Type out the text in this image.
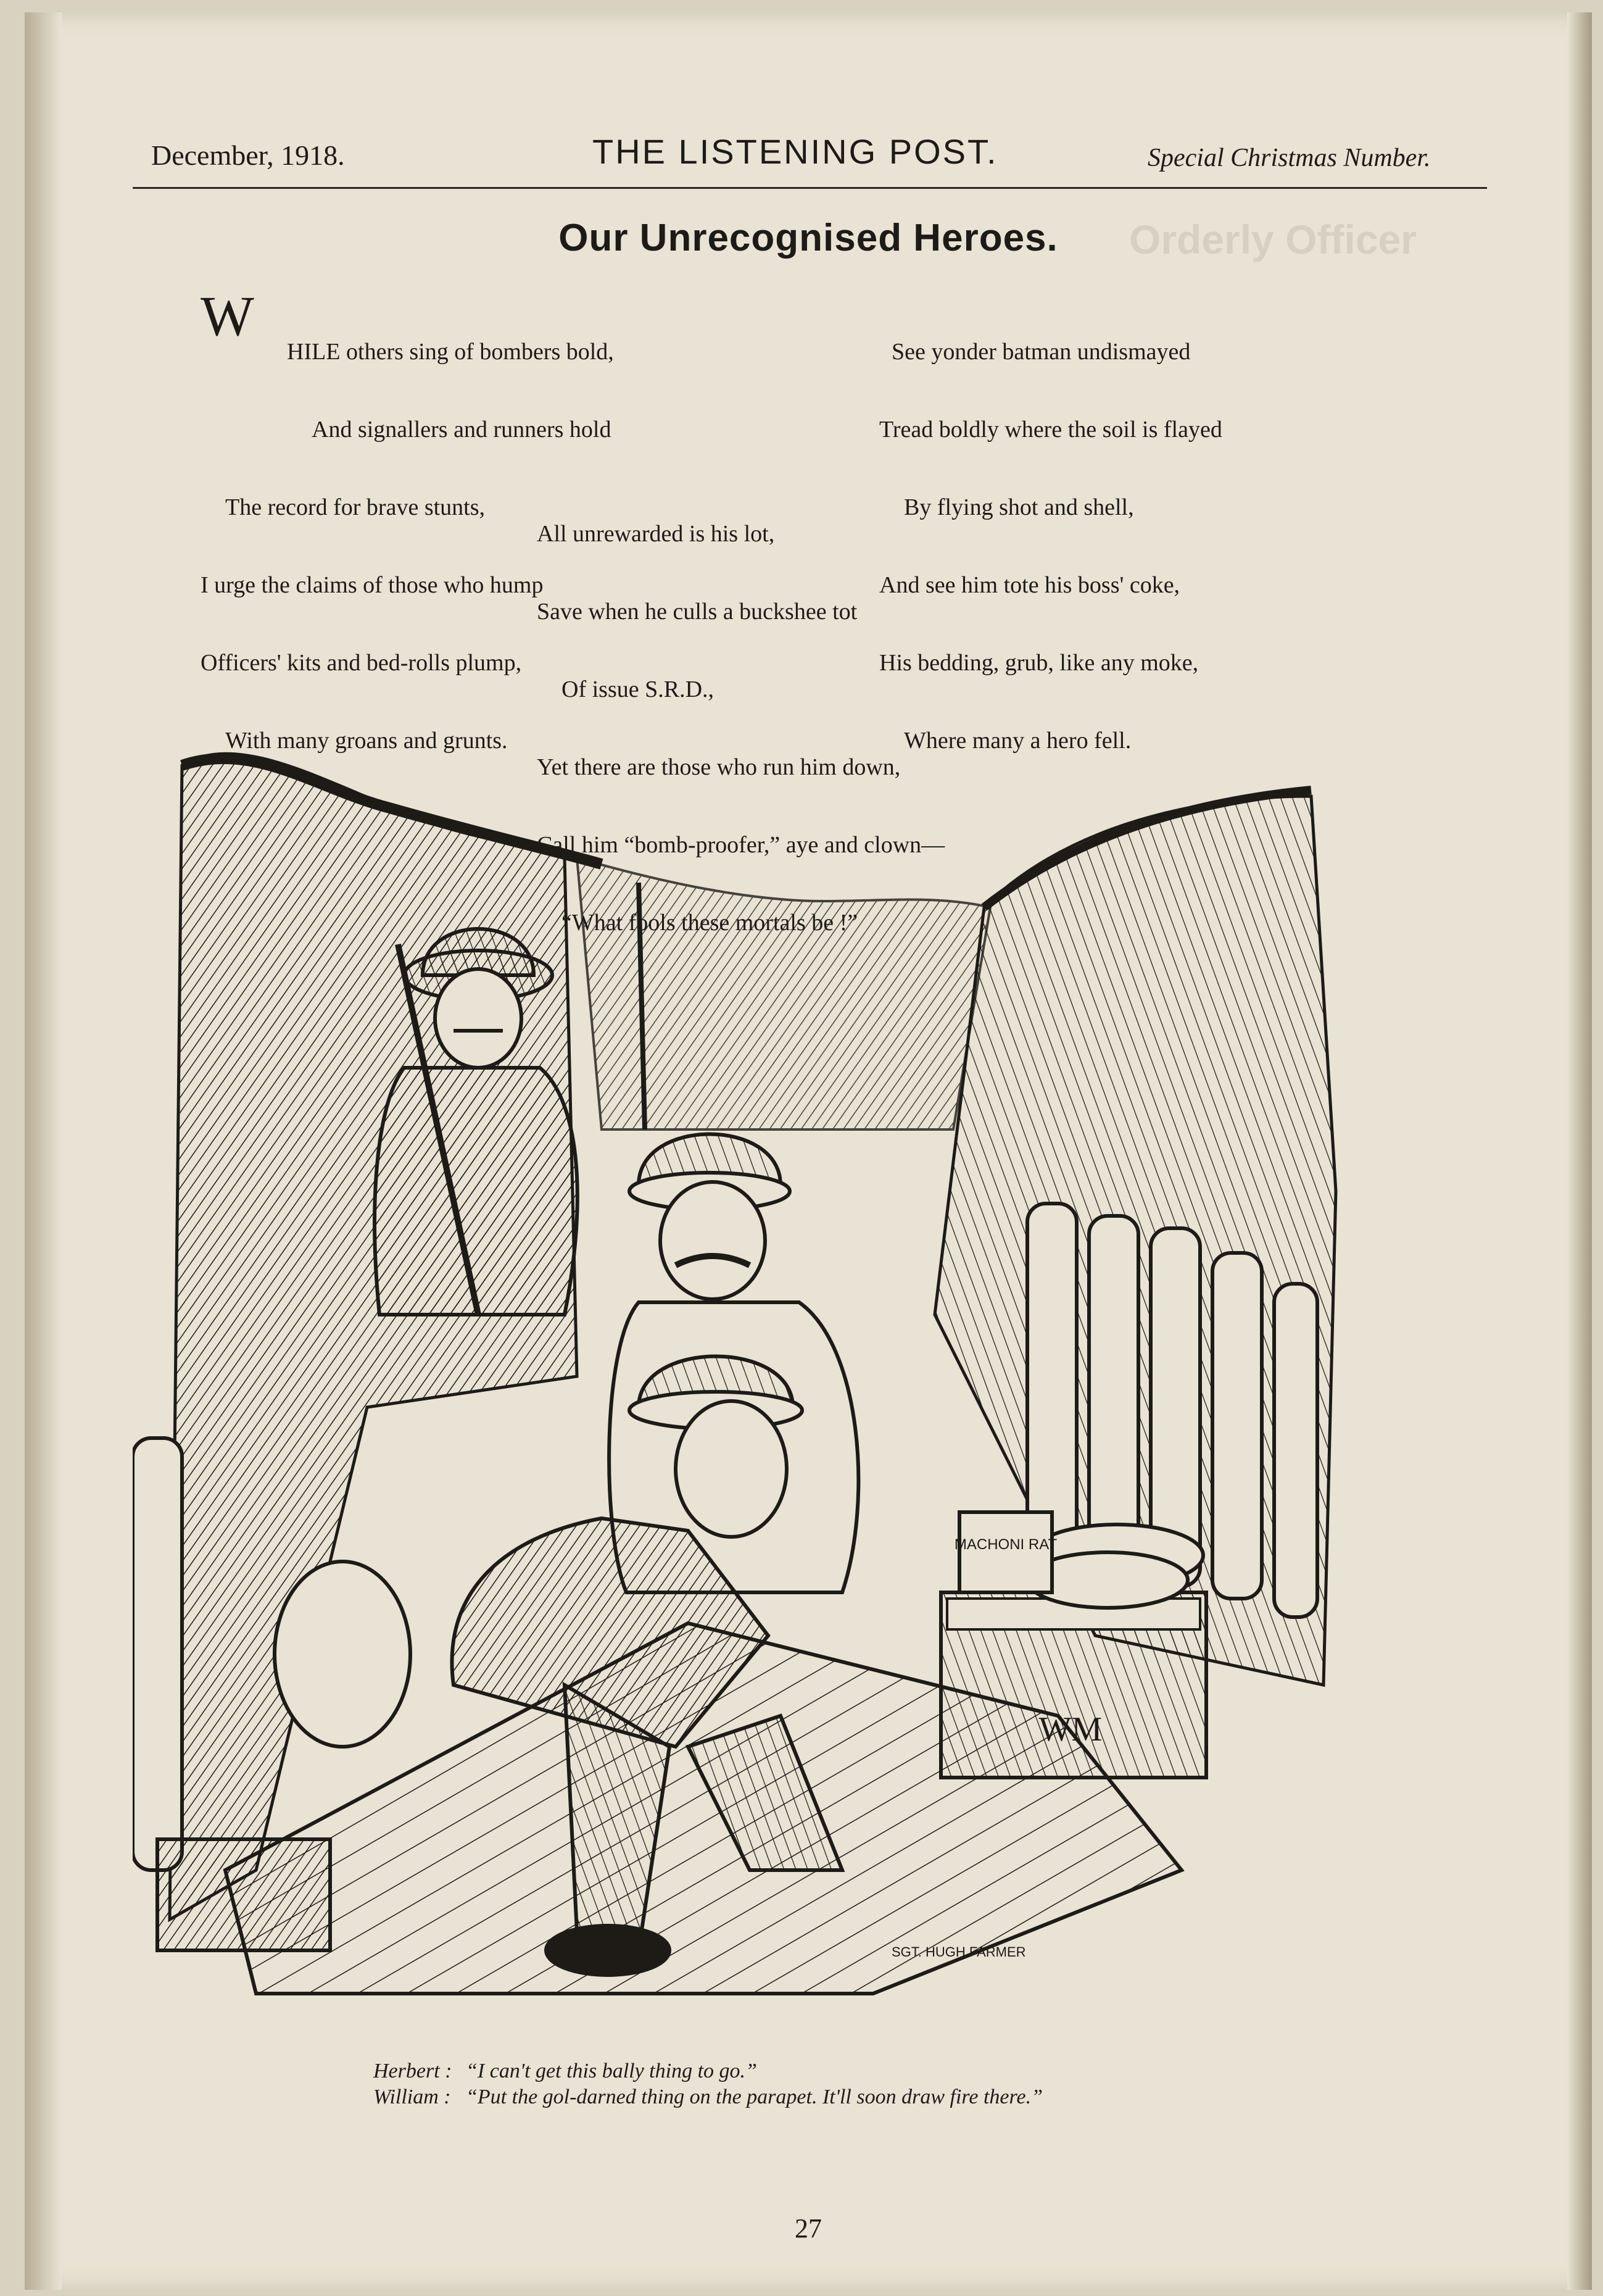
Orderly Officer
December, 1918.	THE LISTENING POST.	Special Christmas Number.
Our Unrecognised Heroes.
W

HILE others sing of bombers bold,

And signallers and runners hold

The record for brave stunts,

I urge the claims of those who hump

Officers' kits and bed-rolls plump,

With many groans and grunts.

See yonder batman undismayed

Tread boldly where the soil is flayed

By flying shot and shell,

And see him tote his boss' coke,

His bedding, grub, like any moke,

Where many a hero fell.

All unrewarded is his lot,

Save when he culls a buckshee tot

Of issue S.R.D.,

Yet there are those who run him down,

Call him “bomb-proofer,” aye and clown—

WM
MACHONI RAT
SGT. HUGH FARMER
Herbert : “I can't get this bally thing to go.”
William : “Put the gol-darned thing on the parapet. It'll soon draw fire there.”
27
